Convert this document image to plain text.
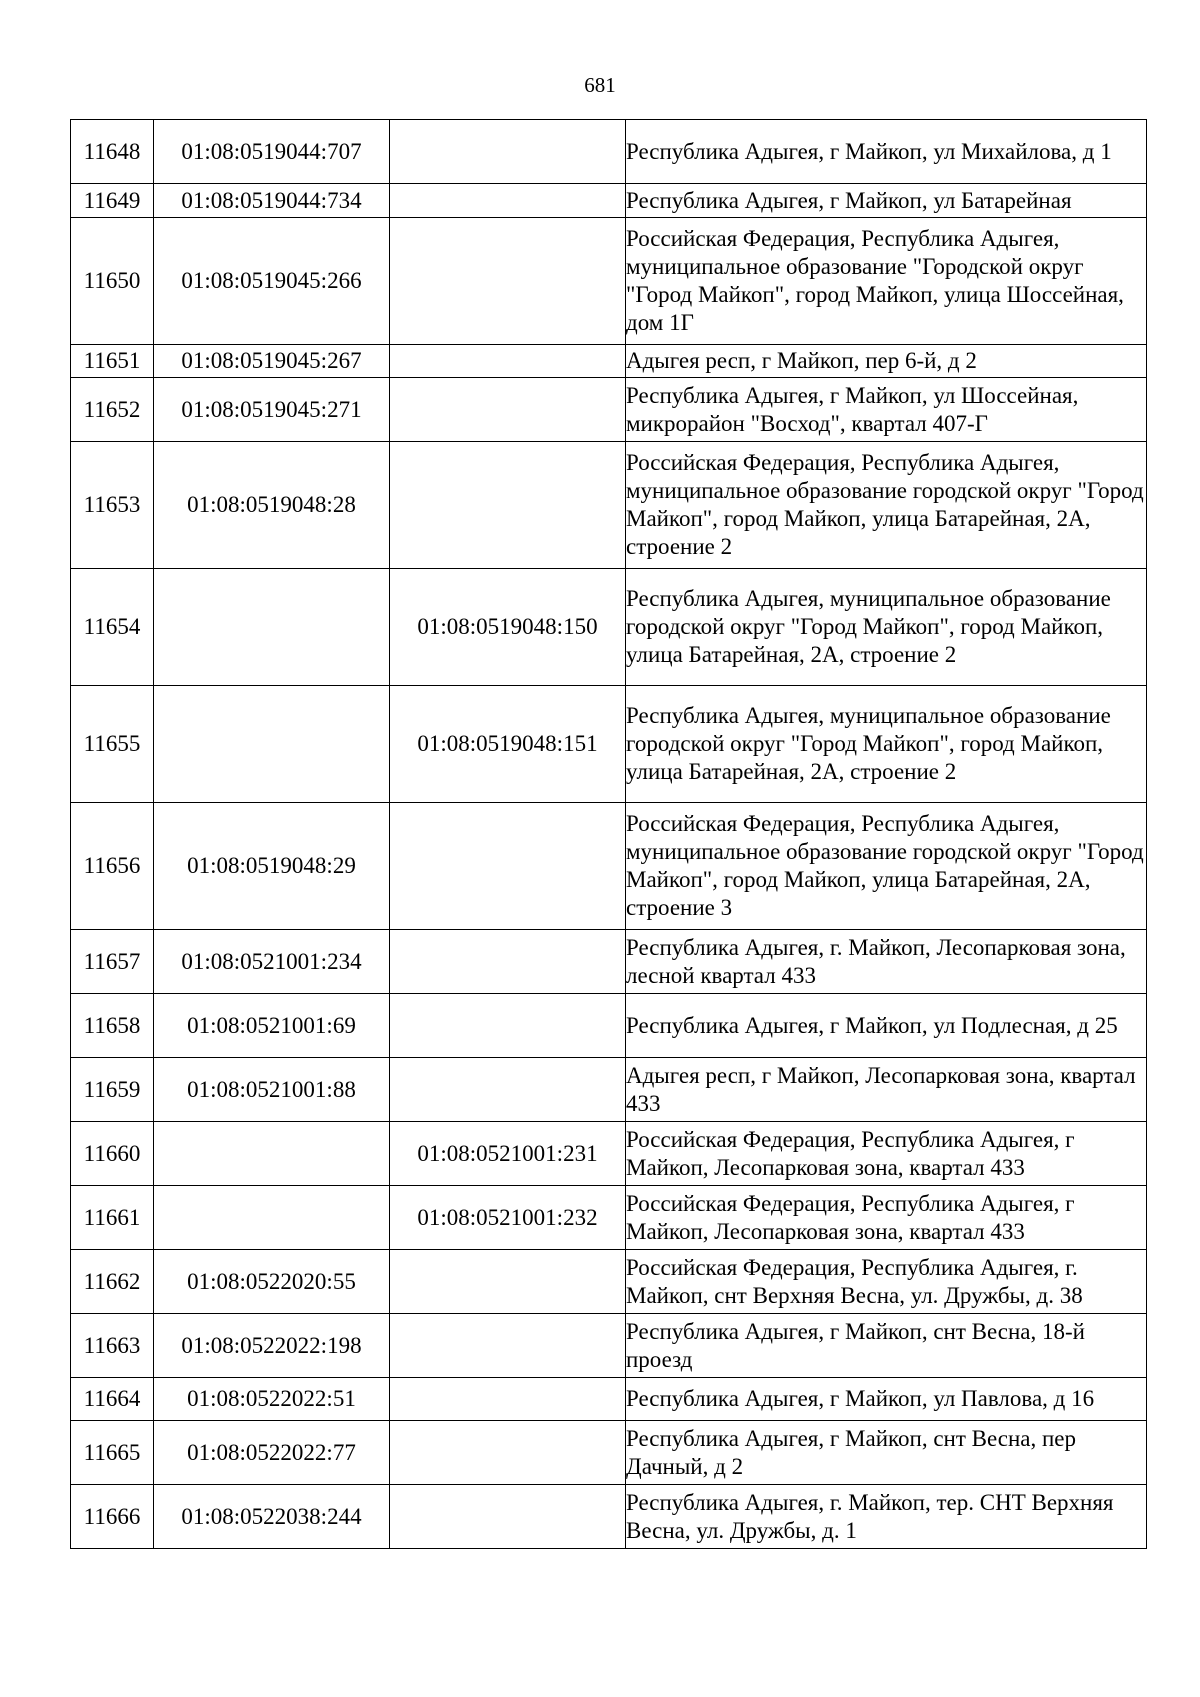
681
11648	01:08:0519044:707		Республика Адыгея, г Майкоп, ул Михайлова, д 1
11649	01:08:0519044:734		Республика Адыгея, г Майкоп, ул Батарейная
11650	01:08:0519045:266		Российская Федерация, Республика Адыгея, муниципальное образование "Городской округ "Город Майкоп", город Майкоп, улица Шоссейная, дом 1Г
11651	01:08:0519045:267		Адыгея респ, г Майкоп, пер 6-й, д 2
11652	01:08:0519045:271		Республика Адыгея, г Майкоп, ул Шоссейная, микрорайон "Восход", квартал 407-Г
11653	01:08:0519048:28		Российская Федерация, Республика Адыгея, муниципальное образование городской округ "Город Майкоп", город Майкоп, улица Батарейная, 2А, строение 2
11654		01:08:0519048:150	Республика Адыгея, муниципальное образование городской округ "Город Майкоп", город Майкоп, улица Батарейная, 2А, строение 2
11655		01:08:0519048:151	Республика Адыгея, муниципальное образование городской округ "Город Майкоп", город Майкоп, улица Батарейная, 2А, строение 2
11656	01:08:0519048:29		Российская Федерация, Республика Адыгея, муниципальное образование городской округ "Город Майкоп", город Майкоп, улица Батарейная, 2А, строение 3
11657	01:08:0521001:234		Республика Адыгея, г. Майкоп, Лесопарковая зона, лесной квартал 433
11658	01:08:0521001:69		Республика Адыгея, г Майкоп, ул Подлесная, д 25
11659	01:08:0521001:88		Адыгея респ, г Майкоп, Лесопарковая зона, квартал 433
11660		01:08:0521001:231	Российская Федерация, Республика Адыгея, г Майкоп, Лесопарковая зона, квартал 433
11661		01:08:0521001:232	Российская Федерация, Республика Адыгея, г Майкоп, Лесопарковая зона, квартал 433
11662	01:08:0522020:55		Российская Федерация, Республика Адыгея, г. Майкоп, снт Верхняя Весна, ул. Дружбы, д. 38
11663	01:08:0522022:198		Республика Адыгея, г Майкоп, снт Весна, 18-й проезд
11664	01:08:0522022:51		Республика Адыгея, г Майкоп, ул Павлова, д 16
11665	01:08:0522022:77		Республика Адыгея, г Майкоп, снт Весна, пер Дачный, д 2
11666	01:08:0522038:244		Республика Адыгея, г. Майкоп, тер. СНТ Верхняя Весна, ул. Дружбы, д. 1
